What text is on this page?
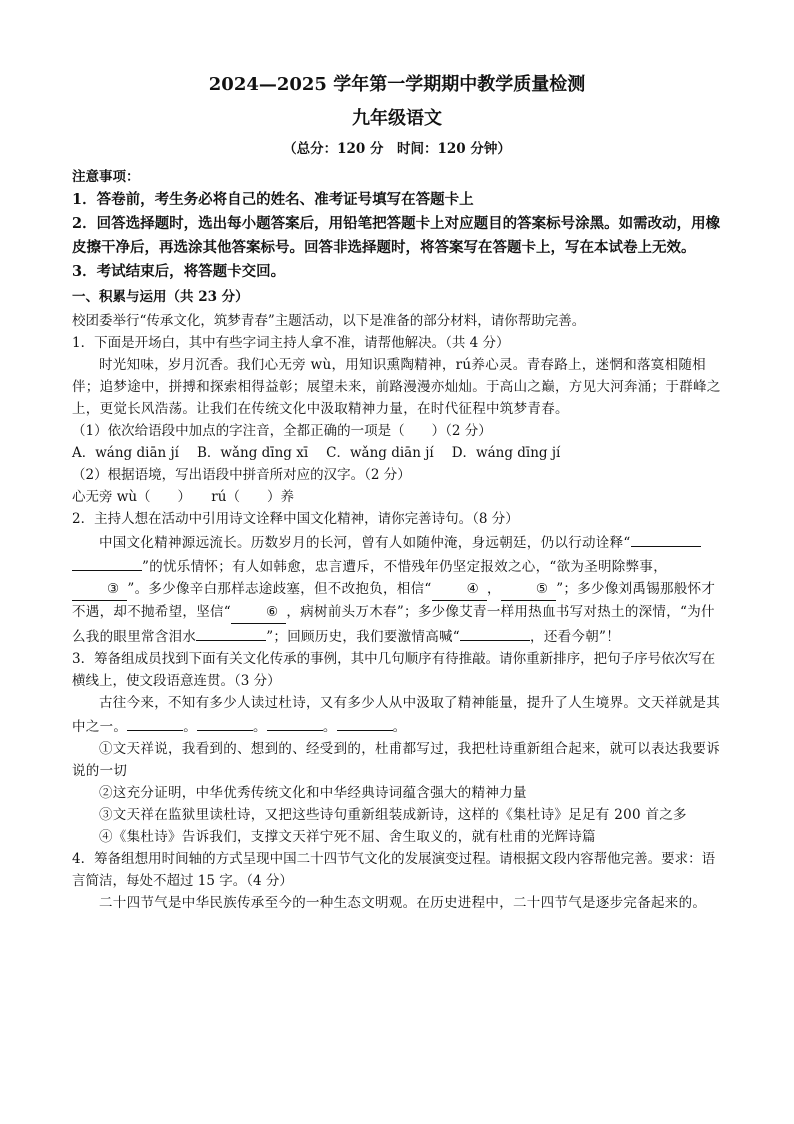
2024—2025 学年第一学期期中教学质量检测
九年级语文
（总分：120 分　时间：120 分钟）

注意事项：

1．答卷前，考生务必将自己的姓名、准考证号填写在答题卡上

2．回答选择题时，选出每小题答案后，用铅笔把答题卡上对应题目的答案标号涂黑。如需改动，用橡皮擦干净后，再选涂其他答案标号。回答非选择题时，将答案写在答题卡上，写在本试卷上无效。

3．考试结束后，将答题卡交回。

一、积累与运用（共 23 分）

校团委举行“传承文化，筑梦青春”主题活动，以下是准备的部分材料，请你帮助完善。

1．下面是开场白，其中有些字词主持人拿不准，请帮他解决。（共 4 分）

时光知味，岁月沉香。我们心无旁 wù，用知识熏陶精神，rú养心灵。青春路上，迷惘和落寞相随相伴；追梦途中，拼搏和探索相得益彰；展望未来，前路漫漫亦灿灿。于高山之巅，方见大河奔涌；于群峰之上，更觉长风浩荡。让我们在传统文化中汲取精神力量，在时代征程中筑梦青春。

（1）依次给语段中加点的字注音，全都正确的一项是（　　）（2 分）

A．wáng diān jí B．wǎng dīng xī C．wǎng diān jí D．wáng dīng jí

（2）根据语境，写出语段中拼音所对应的汉字。（2 分）

心无旁 wù（　　）　　rú（　　）养

2．主持人想在活动中引用诗文诠释中国文化精神，请你完善诗句。（8 分）

中国文化精神源远流长。历数岁月的长河，曾有人如随仲淹，身远朝廷，仍以行动诠释“”的忧乐情怀；有人如韩愈，忠言遭斥，不惜残年仍坚定报效之心，“欲为圣明除弊事，③ ”。多少像辛白那样志途歧塞，但不改抱负，相信“	④ ，	⑤ ”；多少像刘禹锡那般怀才不遇，却不抛希望，坚信“	⑥ ，病树前头万木春”；多少像艾青一样用热血书写对热土的深情，“为什么我的眼里常含泪水	”；回顾历史，我们要激情高喊“	，还看今朝”！

3．筹备组成员找到下面有关文化传承的事例，其中几句顺序有待推敲。请你重新排序，把句子序号依次写在横线上，使文段语意连贯。（3 分）

古往今来，不知有多少人读过杜诗，又有多少人从中汲取了精神能量，提升了人生境界。文天祥就是其中之一。	。	。	。	。

①文天祥说，我看到的、想到的、经受到的，杜甫都写过，我把杜诗重新组合起来，就可以表达我要诉说的一切

②这充分证明，中华优秀传统文化和中华经典诗词蕴含强大的精神力量

③文天祥在监狱里读杜诗，又把这些诗句重新组装成新诗，这样的《集杜诗》足足有 200 首之多

④《集杜诗》告诉我们，支撑文天祥宁死不屈、舍生取义的，就有杜甫的光辉诗篇

4．筹备组想用时间轴的方式呈现中国二十四节气文化的发展演变过程。请根据文段内容帮他完善。要求：语言简洁，每处不超过 15 字。（4 分）

二十四节气是中华民族传承至今的一种生态文明观。在历史进程中，二十四节气是逐步完备起来的。
